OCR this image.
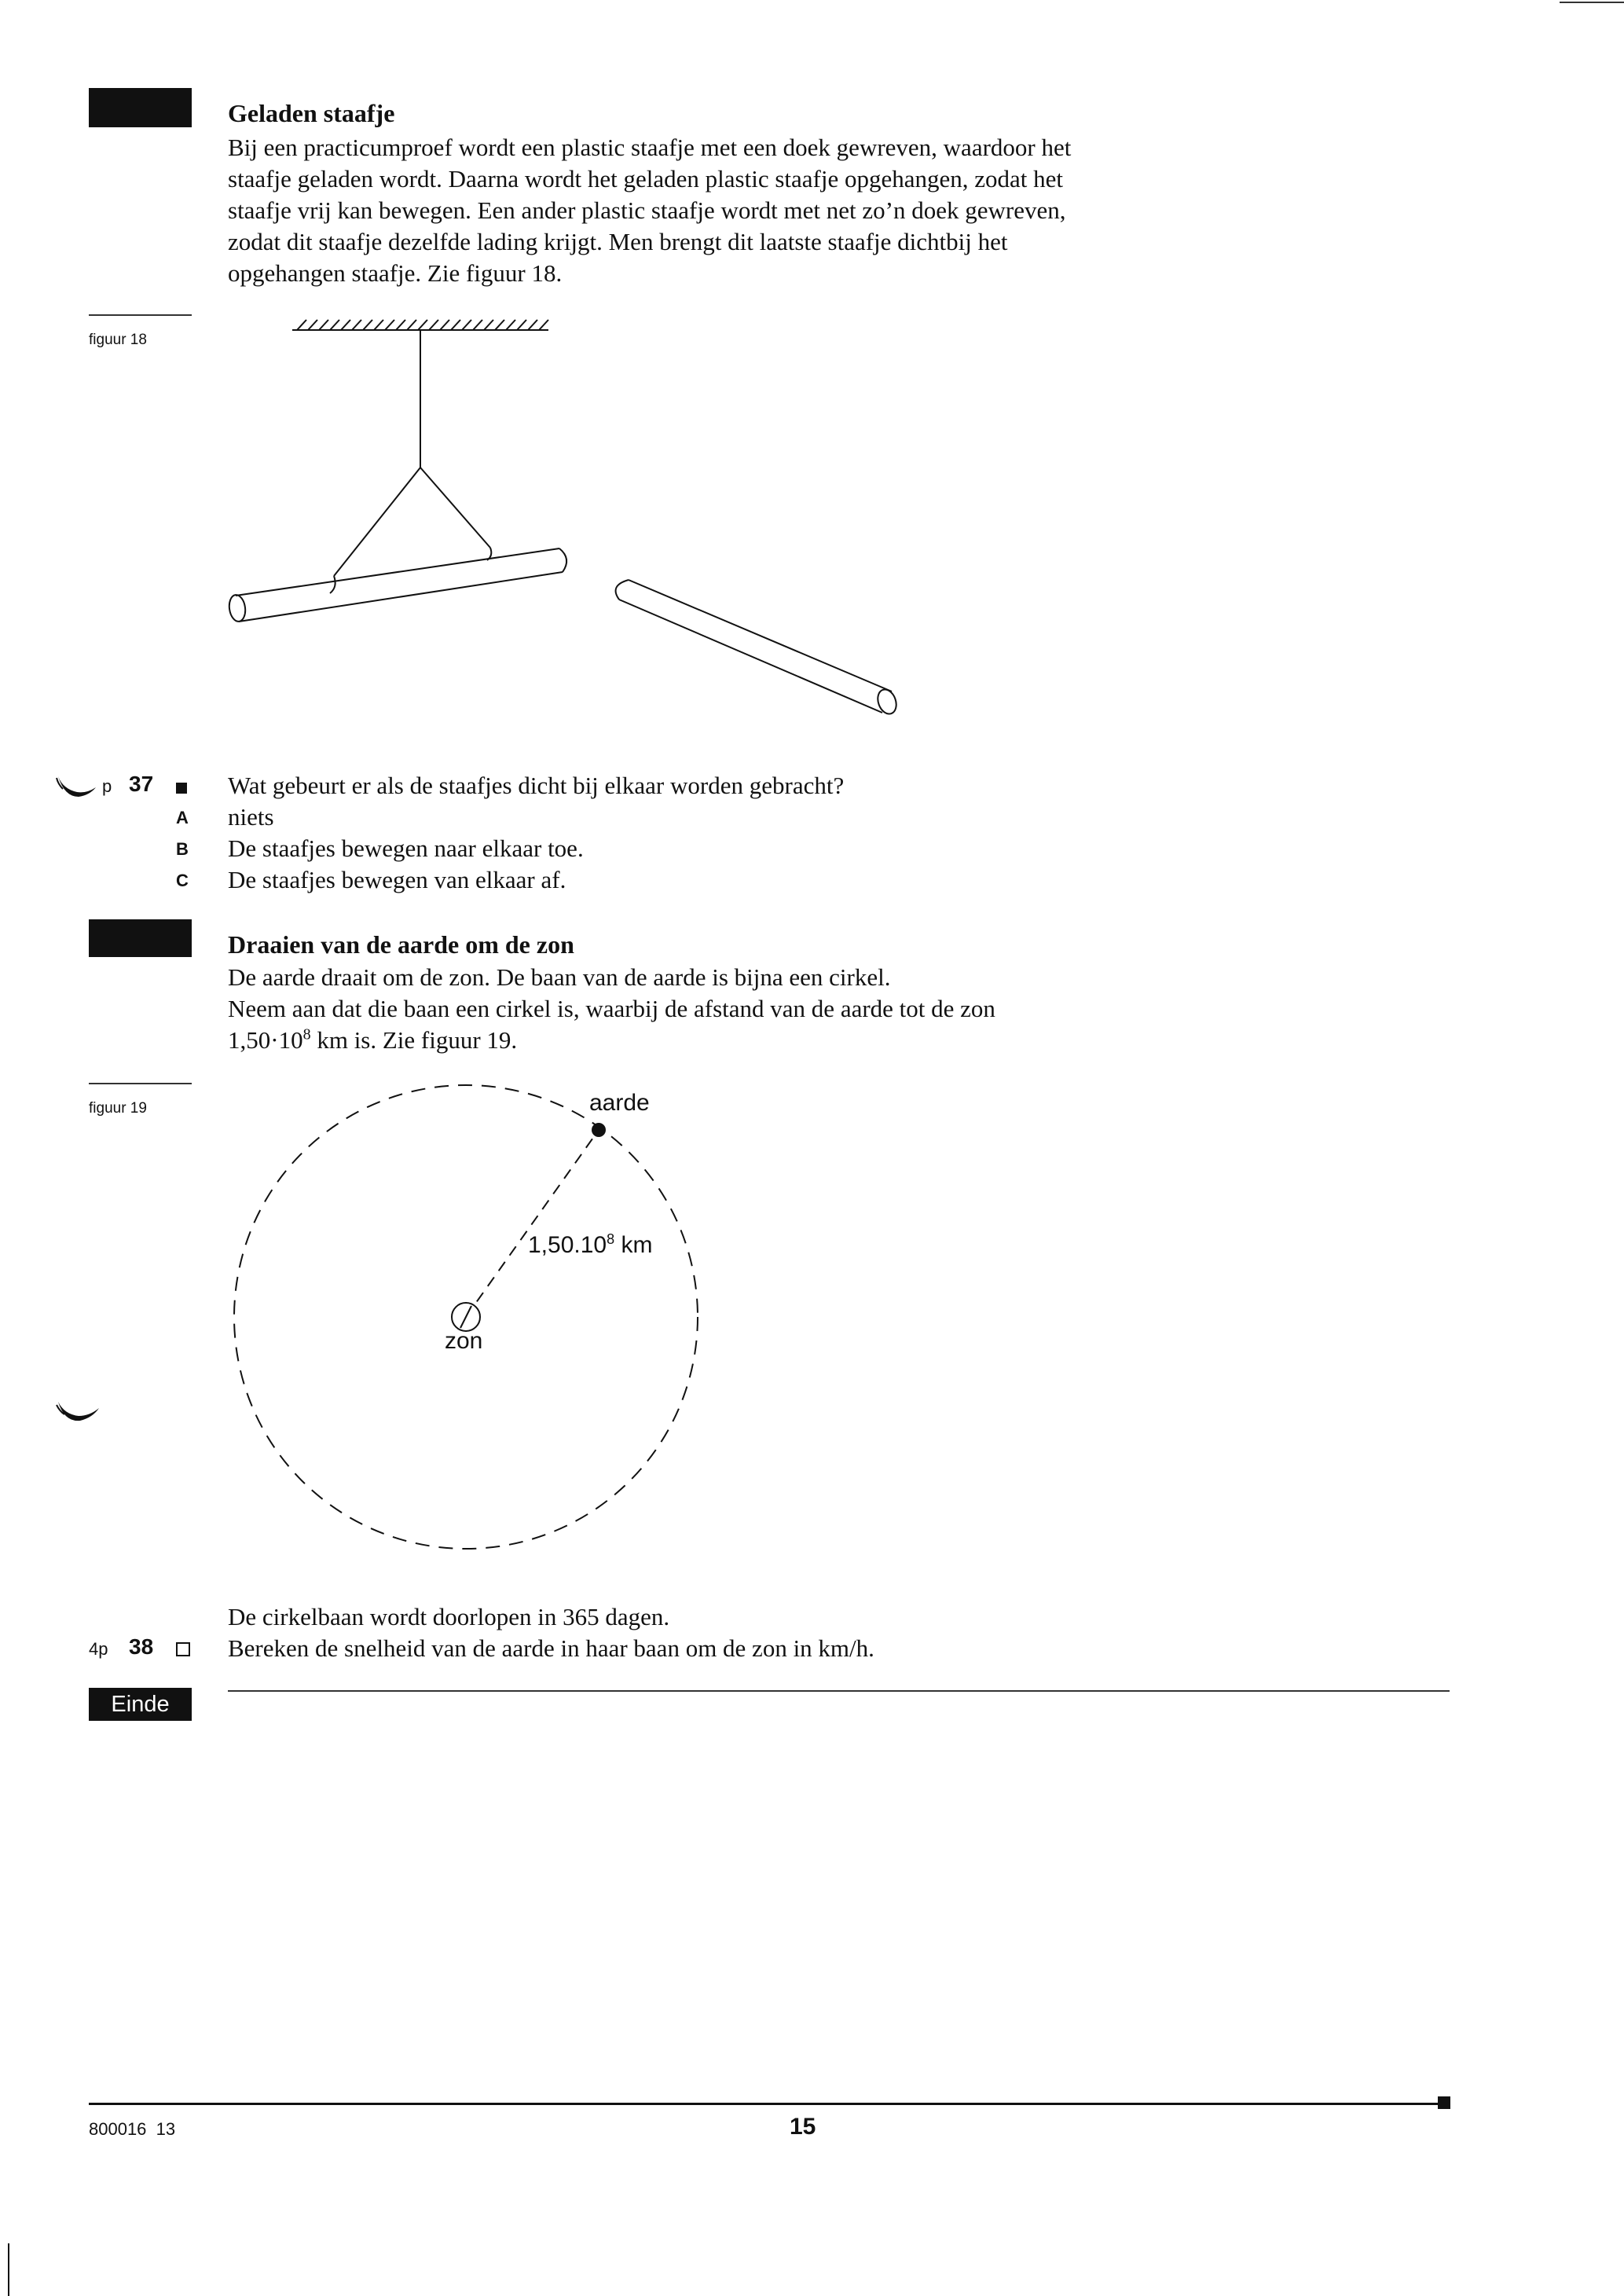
Geladen staafje
Bij een practicumproef wordt een plastic staafje met een doek gewreven, waardoor het
staafje geladen wordt. Daarna wordt het geladen plastic staafje opgehangen, zodat het
staafje vrij kan bewegen. Een ander plastic staafje wordt met net zo’n doek gewreven,
zodat dit staafje dezelfde lading krijgt. Men brengt dit laatste staafje dichtbij het
opgehangen staafje. Zie figuur 18.
figuur 18
p 37	Wat gebeurt er als de staafjes dicht bij elkaar worden gebracht?
A niets
B De staafjes bewegen naar elkaar toe.
C De staafjes bewegen van elkaar af.
Draaien van de aarde om de zon
De aarde draait om de zon. De baan van de aarde is bijna een cirkel.
Neem aan dat die baan een cirkel is, waarbij de afstand van de aarde tot de zon
$1,50\cdot 10^8$ km is. Zie figuur 19.
figuur 19	aarde
zon
1,50.10$^8$ km
De cirkelbaan wordt doorlopen in 365 dagen.
4p 38	Bereken de snelheid van de aarde in haar baan om de zon in km/h.
Einde
800016  13	15
